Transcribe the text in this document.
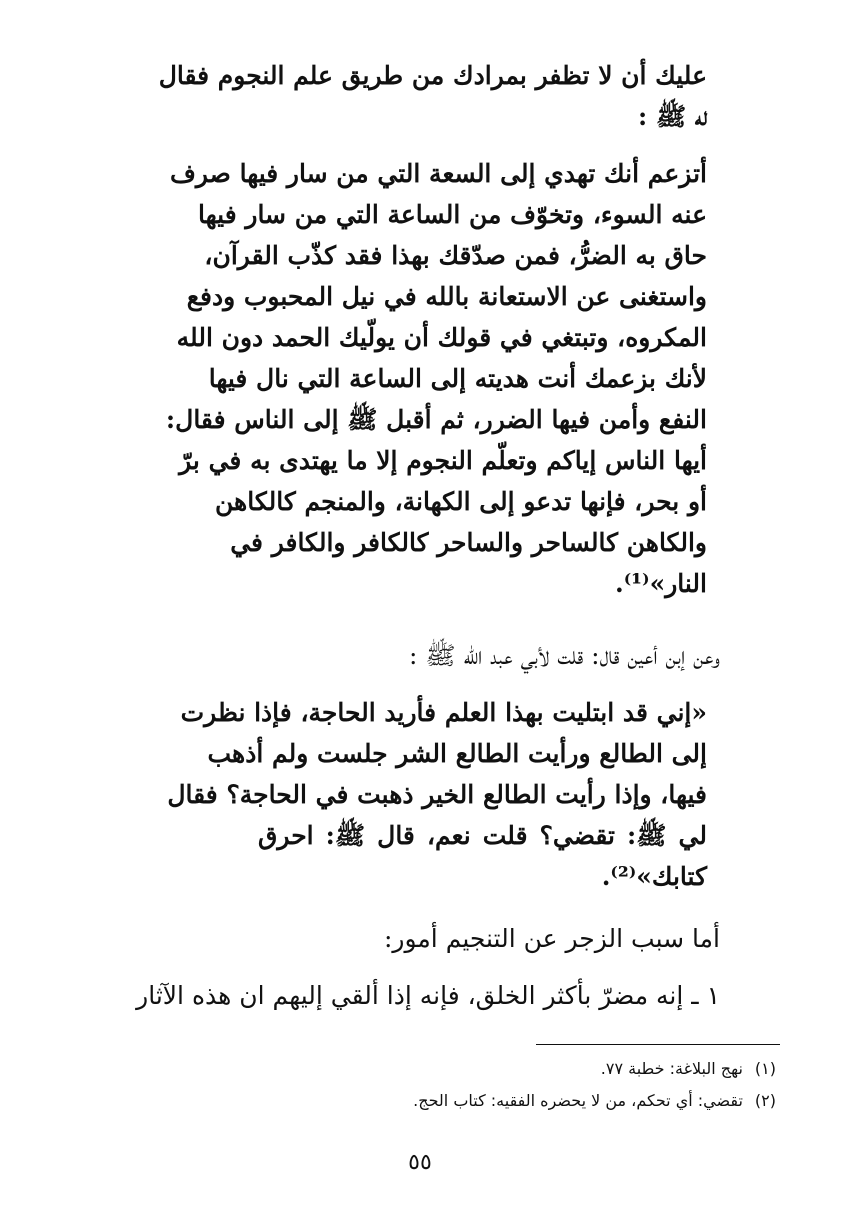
عليك أن لا تظفر بمرادك من طريق علم النجوم فقال
له ﷺ :
أتزعم أنك تهدي إلى السعة التي من سار فيها صرف
عنه السوء، وتخوّف من الساعة التي من سار فيها
حاق به الضرُّ، فمن صدّقك بهذا فقد كذّب القرآن،
واستغنى عن الاستعانة بالله في نيل المحبوب ودفع
المكروه، وتبتغي في قولك أن يولّيك الحمد دون الله
لأنك بزعمك أنت هديته إلى الساعة التي نال فيها
النفع وأمن فيها الضرر، ثم أقبل ﷺ إلى الناس فقال:
أيها الناس إياكم وتعلّم النجوم إلا ما يهتدى به في برّ
أو بحر، فإنها تدعو إلى الكهانة، والمنجم كالكاهن
والكاهن كالساحر والساحر كالكافر والكافر في
النار»⁽¹⁾.
وعن إبن أعين قال: قلت لأبي عبد الله ﷺ :
«إني قد ابتليت بهذا العلم فأريد الحاجة، فإذا نظرت
إلى الطالع ورأيت الطالع الشر جلست ولم أذهب
فيها، وإذا رأيت الطالع الخير ذهبت في الحاجة؟ فقال
لي ﷺ: تقضي؟ قلت نعم، قال ﷺ: احرق
كتابك»⁽²⁾.
أما سبب الزجر عن التنجيم أمور:
١ ـ إنه مضرّ بأكثر الخلق، فإنه إذا ألقي إليهم ان هذه الآثار
(١)نهج البلاغة: خطبة ٧٧.
(٢)تقضي: أي تحكم، من لا يحضره الفقيه: كتاب الحج.
٥٥
